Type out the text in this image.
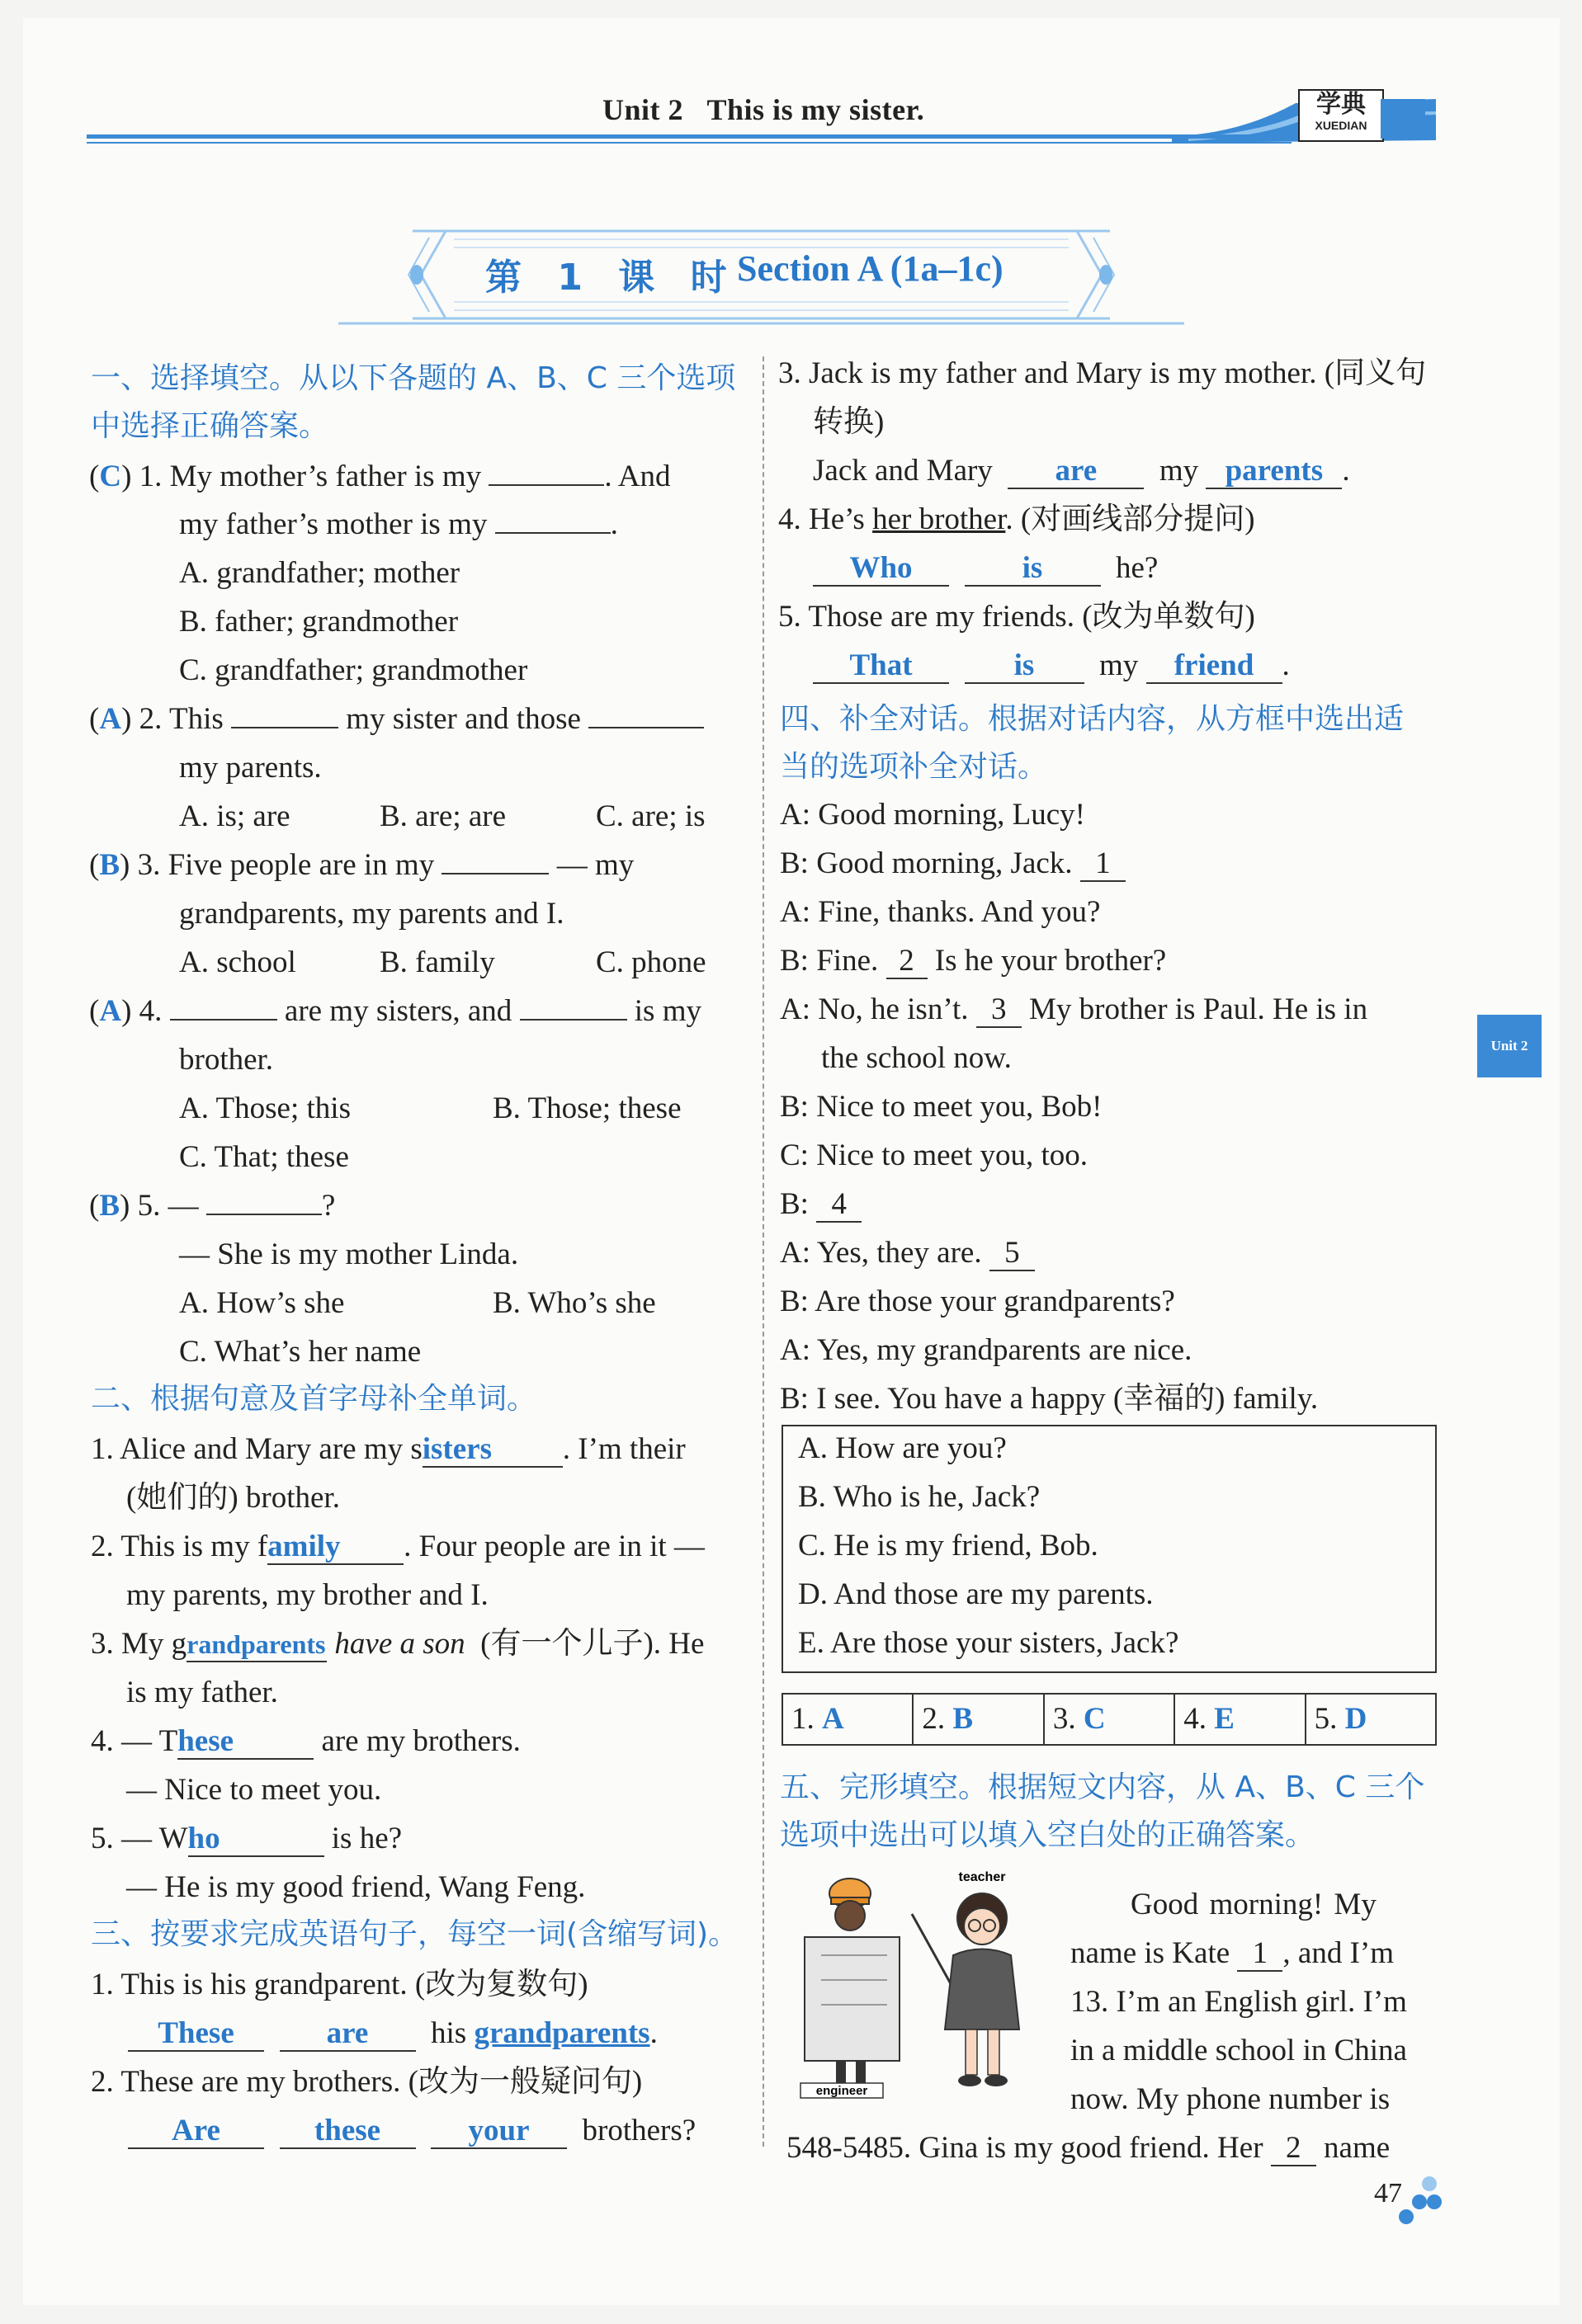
Unit 2 This is my sister.	学典
XUEDIAN
第 1 课 时
Section A (1a–1c)
一、选择填空。从以下各题的 A、B、C 三个选项
中选择正确答案。
(C) 1. My mother’s father is my	. And
my father’s mother is my	.
A. grandfather; mother
B. father; grandmother
C. grandfather; grandmother
(A) 2. This	my sister and those
my parents.
A. is; are	B. are; are	C. are; is
(B) 3. Five people are in my	— my
grandparents, my parents and I.
A. school	B. family	C. phone
(A) 4.	are my sisters, and	is my
brother.
A. Those; this	B. Those; these
C. That; these
(B) 5. —	?
— She is my mother Linda.
A. How’s she	B. Who’s she
C. What’s her name
二、根据句意及首字母补全单词。
1. Alice and Mary are my sisters . I’m their
(她们的) brother.
2. This is my family . Four people are in it —
my parents, my brother and I.
3. My grandparents have a son (有一个儿子). He
is my father.
4. — These	are my brothers.
— Nice to meet you.
5. — Who	is he?
— He is my good friend, Wang Feng.
三、按要求完成英语句子，每空一词(含缩写词)。
1. This is his grandparent. (改为复数句)
These	are his grandparents.
2. These are my brothers. (改为一般疑问句)
Are	these	your brothers?
3. Jack is my father and Mary is my mother. (同义句
转换)
Jack and Mary are my parents .
4. He’s her brother. (对画线部分提问)
Who	is he?
5. Those are my friends. (改为单数句)
That	is my friend .
四、补全对话。根据对话内容，从方框中选出适
当的选项补全对话。
A: Good morning, Lucy!
B: Good morning, Jack. 1
A: Fine, thanks. And you?
B: Fine. 2 Is he your brother?
A: No, he isn’t. 3 My brother is Paul. He is in
the school now.
B: Nice to meet you, Bob!
C: Nice to meet you, too.
B: 4
A: Yes, they are. 5
B: Are those your grandparents?
A: Yes, my grandparents are nice.
B: I see. You have a happy (幸福的) family.
A. How are you?
B. Who is he, Jack?
C. He is my friend, Bob.
D. And those are my parents.
E. Are those your sisters, Jack?
1. A	2. B	3. C	4. E	5. D
五、完形填空。根据短文内容，从 A、B、C 三个
选项中选出可以填入空白处的正确答案。
engineer
teacher
Good morning! My
name is Kate 1 , and I’m
13. I’m an English girl. I’m
in a middle school in China
now. My phone number is
548-5485. Gina is my good friend. Her 2 name
Unit 2
47
